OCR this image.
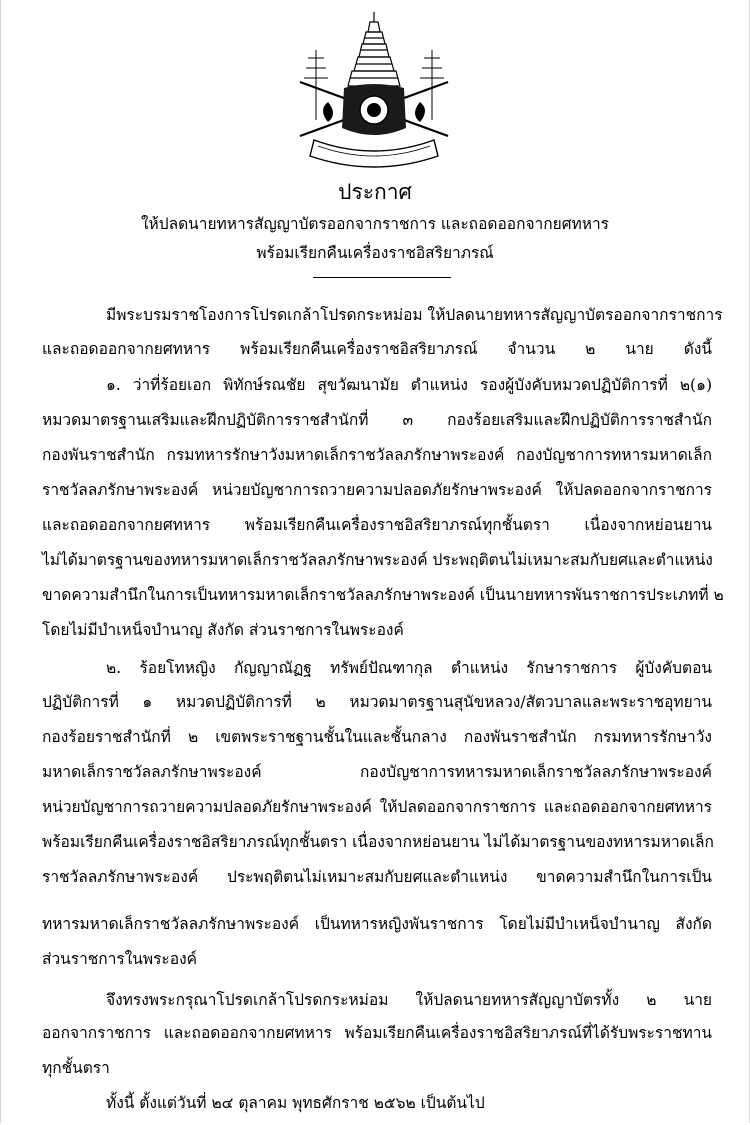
ประกาศ
ให้ปลดนายทหารสัญญาบัตรออกจากราชการ และถอดออกจากยศทหาร
พร้อมเรียกคืนเครื่องราชอิสริยาภรณ์
มีพระบรมราชโองการโปรดเกล้าโปรดกระหม่อม ให้ปลดนายทหารสัญญาบัตรออกจากราชการ
และถอดออกจากยศทหาร พร้อมเรียกคืนเครื่องราชอิสริยาภรณ์ จำนวน ๒ นาย ดังนี้
๑. ว่าที่ร้อยเอก พิทักษ์รณชัย สุขวัฒนามัย ตำแหน่ง รองผู้บังคับหมวดปฏิบัติการที่ ๒(๑)
หมวดมาตรฐานเสริมและฝึกปฏิบัติการราชสำนักที่ ๓ กองร้อยเสริมและฝึกปฏิบัติการราชสำนัก
กองพันราชสำนัก กรมทหารรักษาวังมหาดเล็กราชวัลลภรักษาพระองค์ กองบัญชาการทหารมหาดเล็ก
ราชวัลลภรักษาพระองค์ หน่วยบัญชาการถวายความปลอดภัยรักษาพระองค์ ให้ปลดออกจากราชการ
และถอดออกจากยศทหาร พร้อมเรียกคืนเครื่องราชอิสริยาภรณ์ทุกชั้นตรา เนื่องจากหย่อนยาน
ไม่ได้มาตรฐานของทหารมหาดเล็กราชวัลลภรักษาพระองค์ ประพฤติตนไม่เหมาะสมกับยศและตำแหน่ง
ขาดความสำนึกในการเป็นทหารมหาดเล็กราชวัลลภรักษาพระองค์ เป็นนายทหารพันราชการประเภทที่ ๒
โดยไม่มีบำเหน็จบำนาญ สังกัด ส่วนราชการในพระองค์
๒. ร้อยโทหญิง กัญญาณัฏฐ ทรัพย์ปัณฑากุล ตำแหน่ง รักษาราชการ ผู้บังคับตอน
ปฏิบัติการที่ ๑ หมวดปฏิบัติการที่ ๒ หมวดมาตรฐานสุนัขหลวง/สัตวบาลและพระราชอุทยาน
กองร้อยราชสำนักที่ ๒ เขตพระราชฐานชั้นในและชั้นกลาง กองพันราชสำนัก กรมทหารรักษาวัง
มหาดเล็กราชวัลลภรักษาพระองค์ กองบัญชาการทหารมหาดเล็กราชวัลลภรักษาพระองค์
หน่วยบัญชาการถวายความปลอดภัยรักษาพระองค์ ให้ปลดออกจากราชการ และถอดออกจากยศทหาร
พร้อมเรียกคืนเครื่องราชอิสริยาภรณ์ทุกชั้นตรา เนื่องจากหย่อนยาน ไม่ได้มาตรฐานของทหารมหาดเล็ก
ราชวัลลภรักษาพระองค์ ประพฤติตนไม่เหมาะสมกับยศและตำแหน่ง ขาดความสำนึกในการเป็น
ทหารมหาดเล็กราชวัลลภรักษาพระองค์ เป็นทหารหญิงพันราชการ โดยไม่มีบำเหน็จบำนาญ สังกัด
ส่วนราชการในพระองค์
จึงทรงพระกรุณาโปรดเกล้าโปรดกระหม่อม ให้ปลดนายทหารสัญญาบัตรทั้ง ๒ นาย
ออกจากราชการ และถอดออกจากยศทหาร พร้อมเรียกคืนเครื่องราชอิสริยาภรณ์ที่ได้รับพระราชทาน
ทุกชั้นตรา
ทั้งนี้ ตั้งแต่วันที่ ๒๔ ตุลาคม พุทธศักราช ๒๕๖๒ เป็นต้นไป
